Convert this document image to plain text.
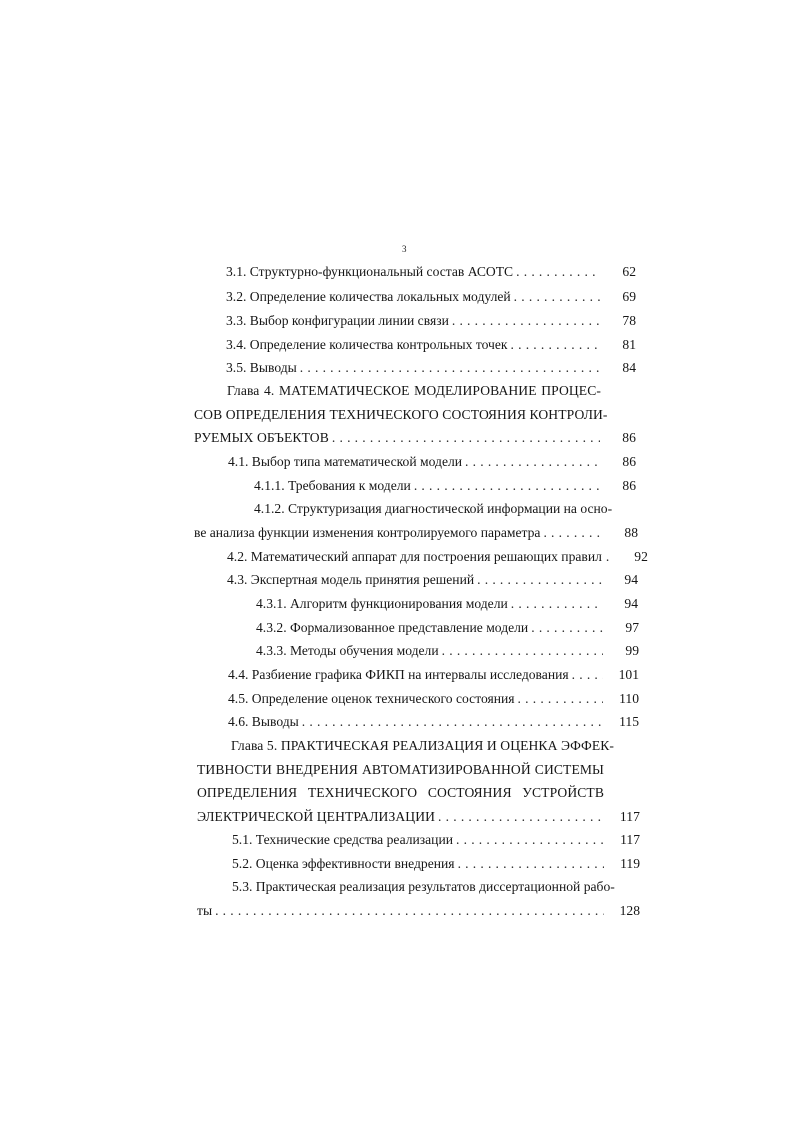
3
3.1. Структурно-функциональный состав АСОТС . . .	62
3.2. Определение количества локальных модулей . . .	69
3.3. Выбор конфигурации линии связи . . .	78
3.4. Определение количества контрольных точек . . .	81
3.5. Выводы . . .	84
Глава 4. МАТЕМАТИЧЕСКОЕ МОДЕЛИРОВАНИЕ ПРОЦЕС-
СОВ ОПРЕДЕЛЕНИЯ ТЕХНИЧЕСКОГО СОСТОЯНИЯ КОНТРОЛИ-
РУЕМЫХ ОБЪЕКТОВ . . .	86
4.1. Выбор типа математической модели . . .	86
4.1.1. Требования к модели . . .	86
4.1.2. Структуризация диагностической информации на осно-
ве анализа функции изменения контролируемого параметра . . .	88
4.2. Математический аппарат для построения решающих правил . . .	92
4.3. Экспертная модель принятия решений . . .	94
4.3.1. Алгоритм функционирования модели . . .	94
4.3.2. Формализованное представление модели . . .	97
4.3.3. Методы обучения модели . . .	99
4.4. Разбиение графика ФИКП на интервалы исследования . . .	101
4.5. Определение оценок технического состояния . . .	110
4.6. Выводы . . .	115
Глава 5. ПРАКТИЧЕСКАЯ РЕАЛИЗАЦИЯ И ОЦЕНКА ЭФФЕК-
ТИВНОСТИ ВНЕДРЕНИЯ АВТОМАТИЗИРОВАННОЙ СИСТЕМЫ
ОПРЕДЕЛЕНИЯ ТЕХНИЧЕСКОГО СОСТОЯНИЯ УСТРОЙСТВ
ЭЛЕКТРИЧЕСКОЙ ЦЕНТРАЛИЗАЦИИ . . .	117
5.1. Технические средства реализации . . .	117
5.2. Оценка эффективности внедрения . . .	119
5.3. Практическая реализация результатов диссертационной рабо-
ты . . .	128
